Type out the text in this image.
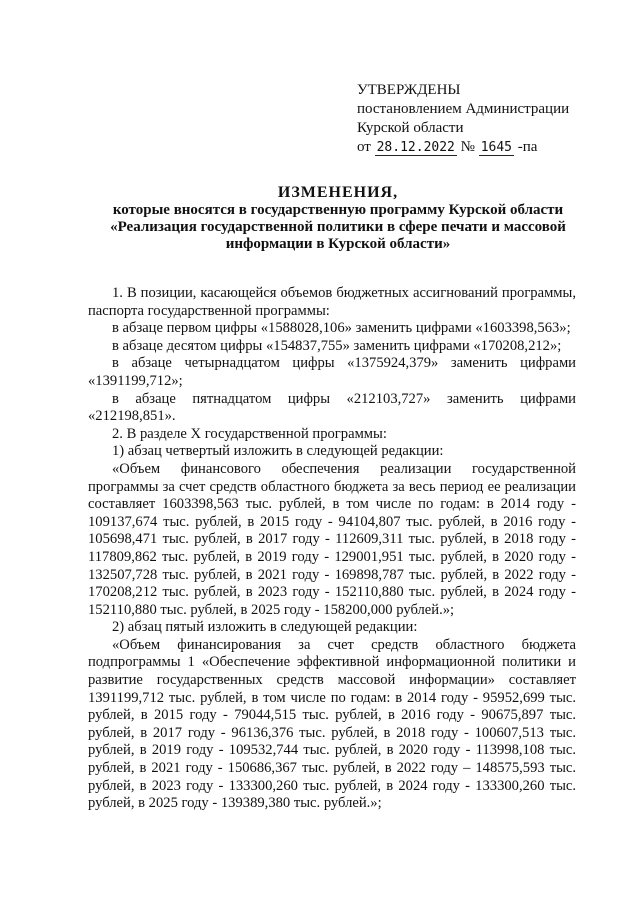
УТВЕРЖДЕНЫ
постановлением Администрации
Курской области
от 28.12.2022 № 1645 -па
ИЗМЕНЕНИЯ,
которые вносятся в государственную программу Курской области
«Реализация государственной политики в сфере печати и массовой
информации в Курской области»

1. В позиции, касающейся объемов бюджетных ассигнований программы, паспорта государственной программы:

в абзаце первом цифры «1588028,106» заменить цифрами «1603398,563»;

в абзаце десятом цифры «154837,755» заменить цифрами «170208,212»;

в абзаце четырнадцатом цифры «1375924,379» заменить цифрами «1391199,712»;

в абзаце пятнадцатом цифры «212103,727» заменить цифрами «212198,851».

2. В разделе X государственной программы:

1) абзац четвертый изложить в следующей редакции:

«Объем финансового обеспечения реализации государственной программы за счет средств областного бюджета за весь период ее реализации составляет 1603398,563 тыс. рублей, в том числе по годам: в 2014 году - 109137,674 тыс. рублей, в 2015 году - 94104,807 тыс. рублей, в 2016 году - 105698,471 тыс. рублей, в 2017 году - 112609,311 тыс. рублей, в 2018 году - 117809,862 тыс. рублей, в 2019 году - 129001,951 тыс. рублей, в 2020 году - 132507,728 тыс. рублей, в 2021 году - 169898,787 тыс. рублей, в 2022 году - 170208,212 тыс. рублей, в 2023 году - 152110,880 тыс. рублей, в 2024 году - 152110,880 тыс. рублей, в 2025 году - 158200,000 рублей.»;

2) абзац пятый изложить в следующей редакции:

«Объем финансирования за счет средств областного бюджета подпрограммы 1 «Обеспечение эффективной информационной политики и развитие государственных средств массовой информации» составляет 1391199,712 тыс. рублей, в том числе по годам: в 2014 году - 95952,699 тыс. рублей, в 2015 году - 79044,515 тыс. рублей, в 2016 году - 90675,897 тыс. рублей, в 2017 году - 96136,376 тыс. рублей, в 2018 году - 100607,513 тыс. рублей, в 2019 году - 109532,744 тыс. рублей, в 2020 году - 113998,108 тыс. рублей, в 2021 году - 150686,367 тыс. рублей, в 2022 году – 148575,593 тыс. рублей, в 2023 году - 133300,260 тыс. рублей, в 2024 году - 133300,260 тыс. рублей, в 2025 году - 139389,380 тыс. рублей.»;
